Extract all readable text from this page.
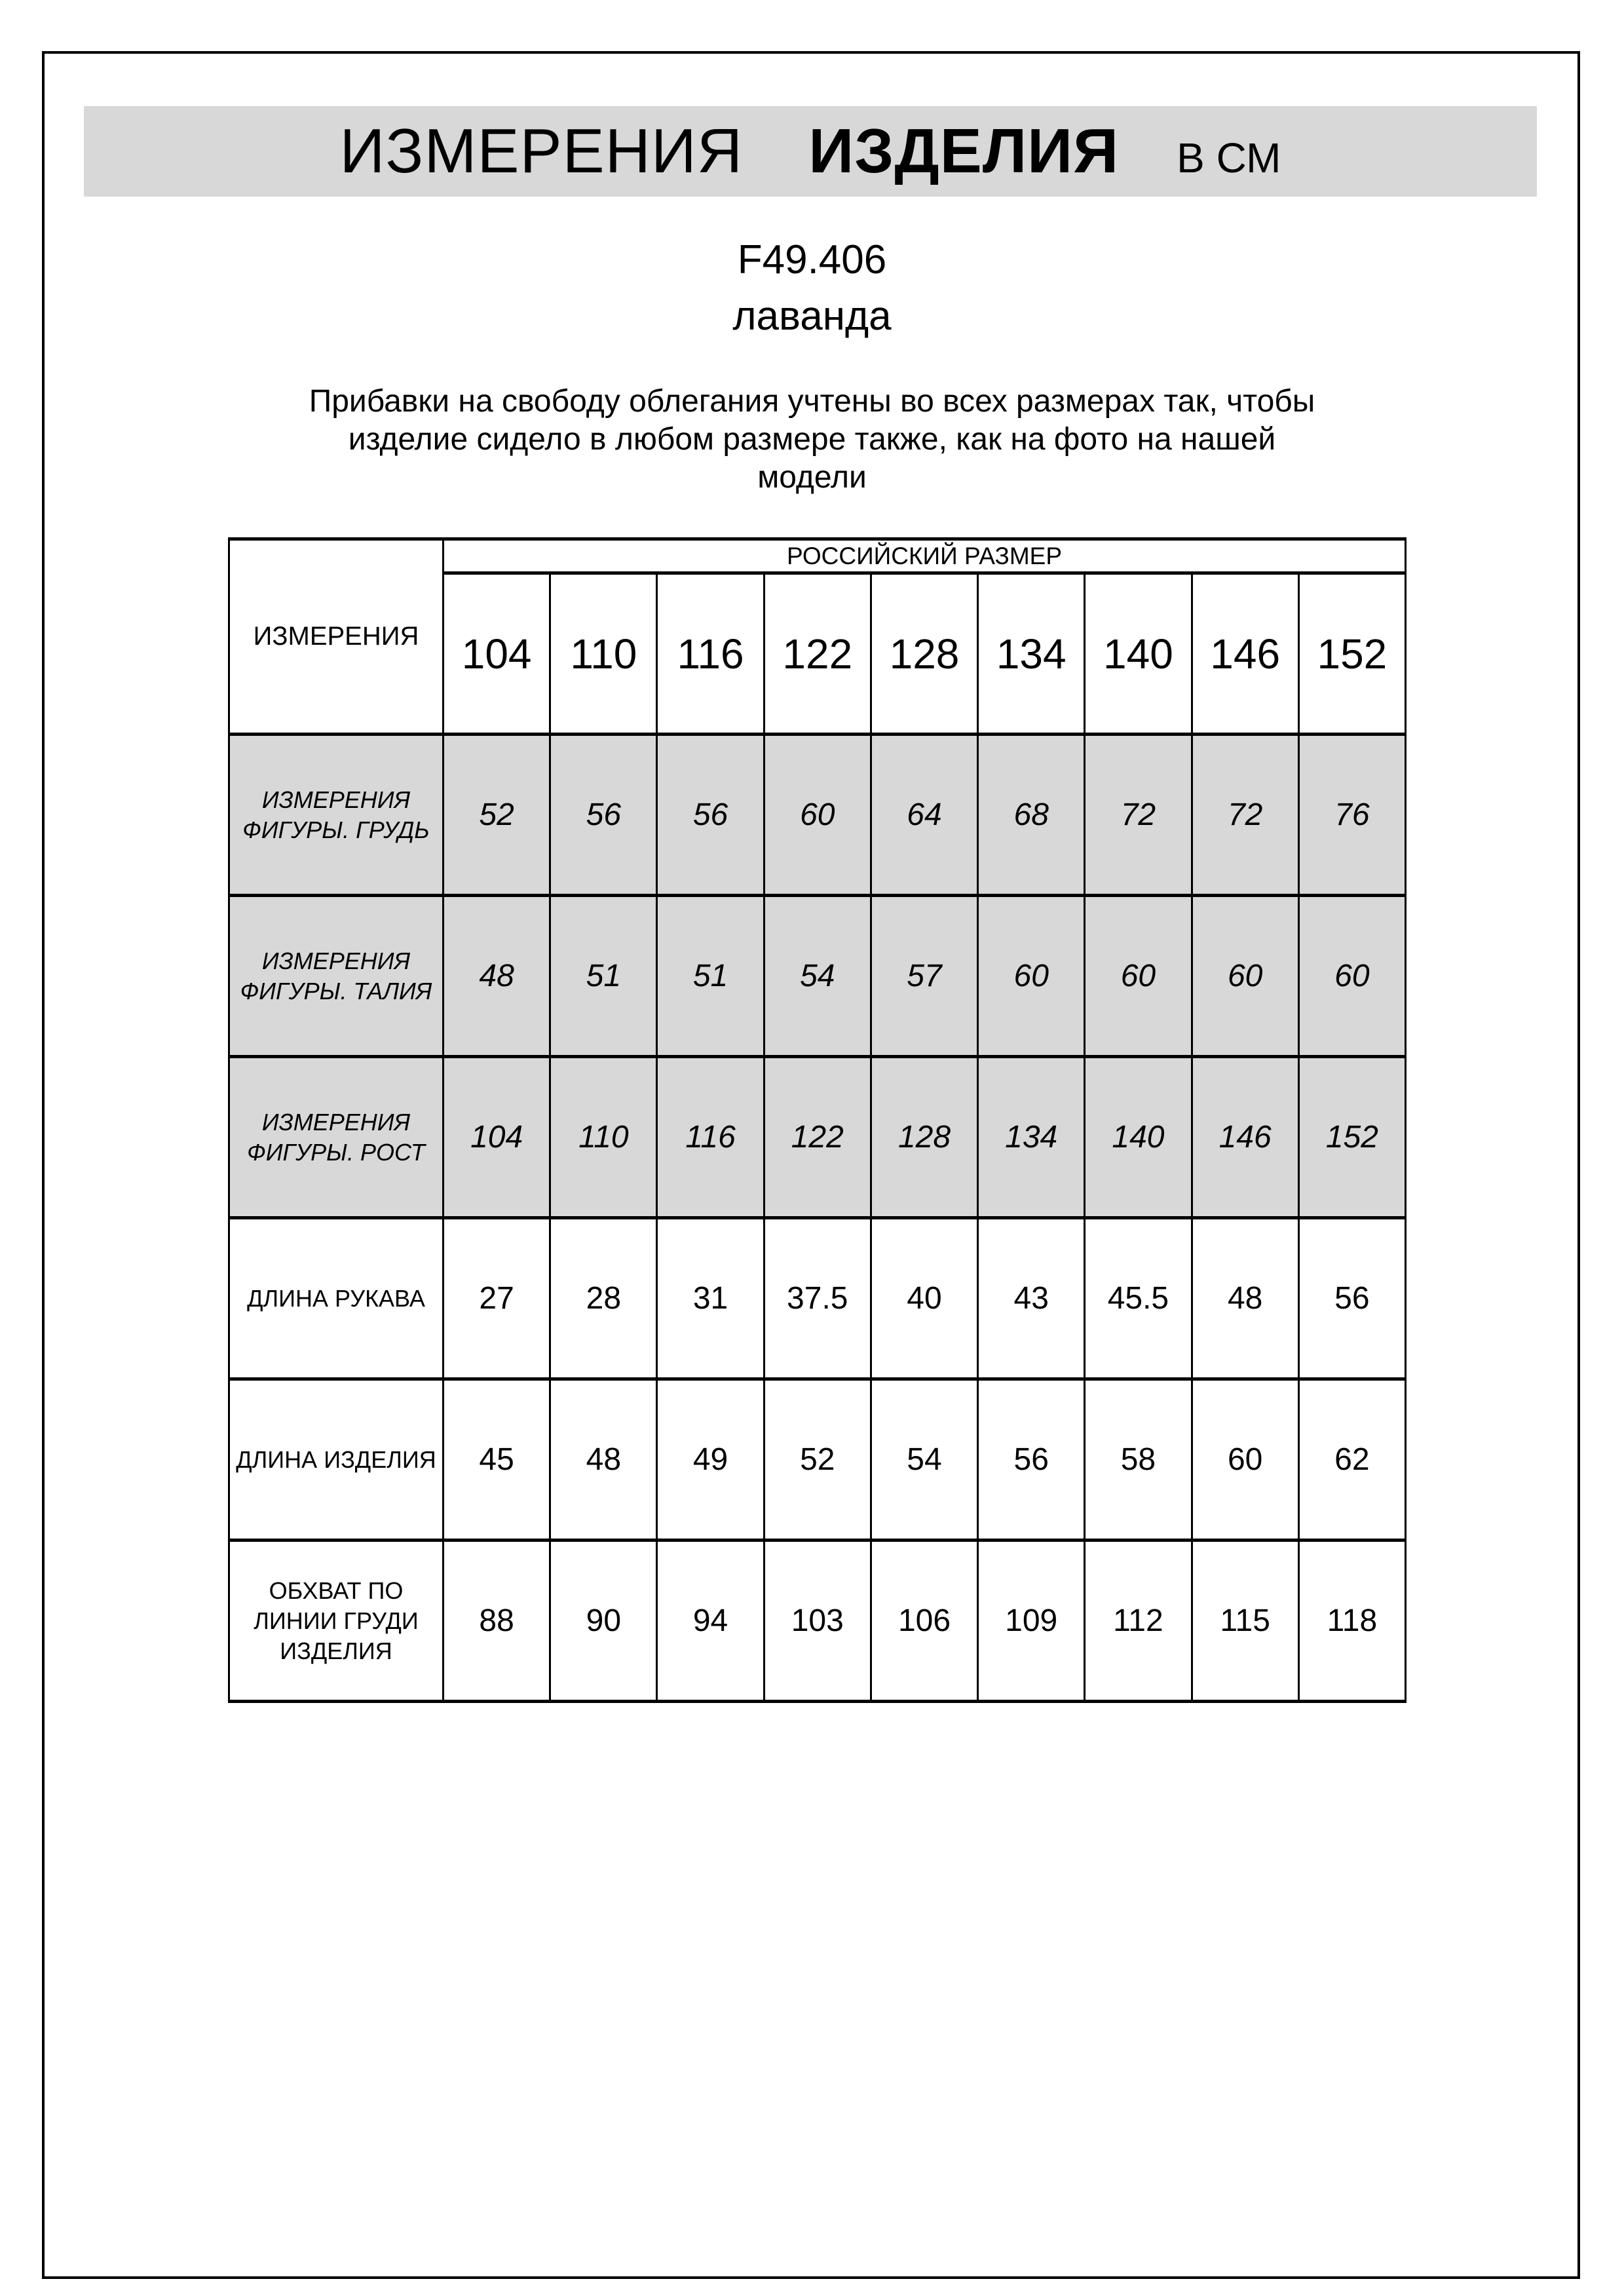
ИЗМЕРЕНИЯ ИЗДЕЛИЯ В СМ
F49.406
лаванда
Прибавки на свободу облегания учтены во всех размерах так, чтобы
изделие сидело в любом размере также, как на фото на нашей
модели
ИЗМЕРЕНИЯ	РОССИЙСКИЙ РАЗМЕР								
	104	110	116	122	128	134	140	146	152
ИЗМЕРЕНИЯ ФИГУРЫ. ГРУДЬ	52	56	56	60	64	68	72	72	76
ИЗМЕРЕНИЯ ФИГУРЫ. ТАЛИЯ	48	51	51	54	57	60	60	60	60
ИЗМЕРЕНИЯ ФИГУРЫ. РОСТ	104	110	116	122	128	134	140	146	152
ДЛИНА РУКАВА	27	28	31	37.5	40	43	45.5	48	56
ДЛИНА ИЗДЕЛИЯ	45	48	49	52	54	56	58	60	62
ОБХВАТ ПО ЛИНИИ ГРУДИ ИЗДЕЛИЯ	88	90	94	103	106	109	112	115	118
